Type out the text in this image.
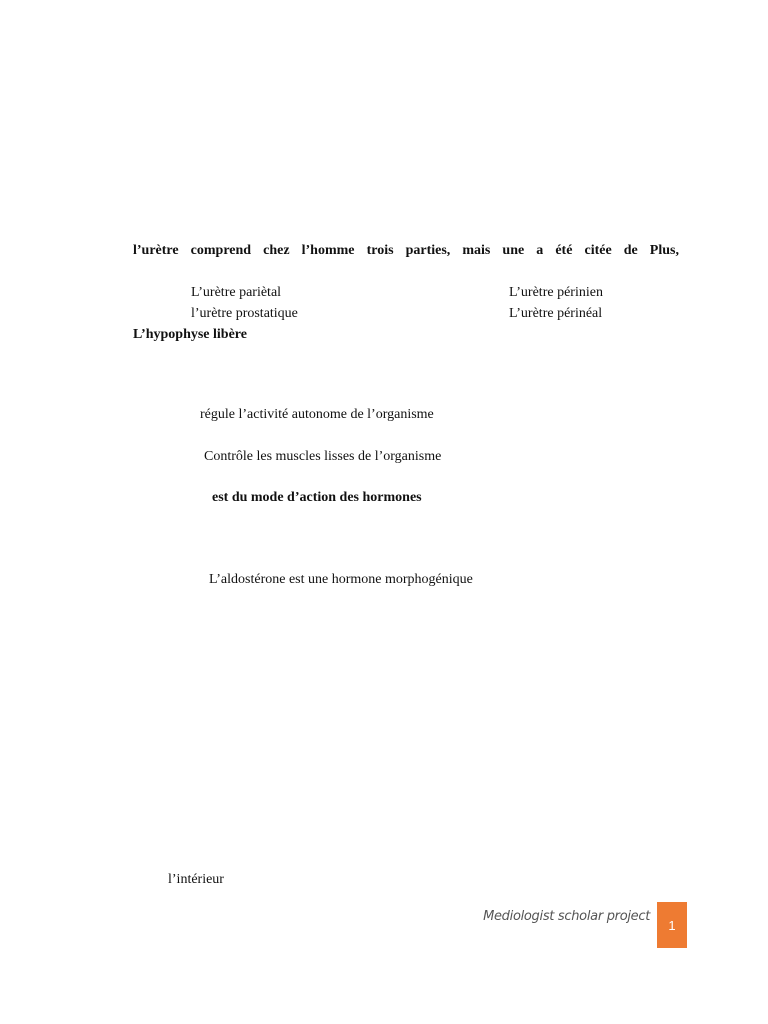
l’urètre comprend chez l’homme trois parties, mais une a été citée de Plus,
L’urètre pariètal	L’urètre périnien
l’urètre prostatique	L’urètre périnéal
L’hypophyse libère
régule l’activité autonome de l’organisme
Contrôle les muscles lisses de l’organisme
est du mode d’action des hormones
L’aldostérone est une hormone morphogénique
l’intérieur
Mediologist scholar project
1
